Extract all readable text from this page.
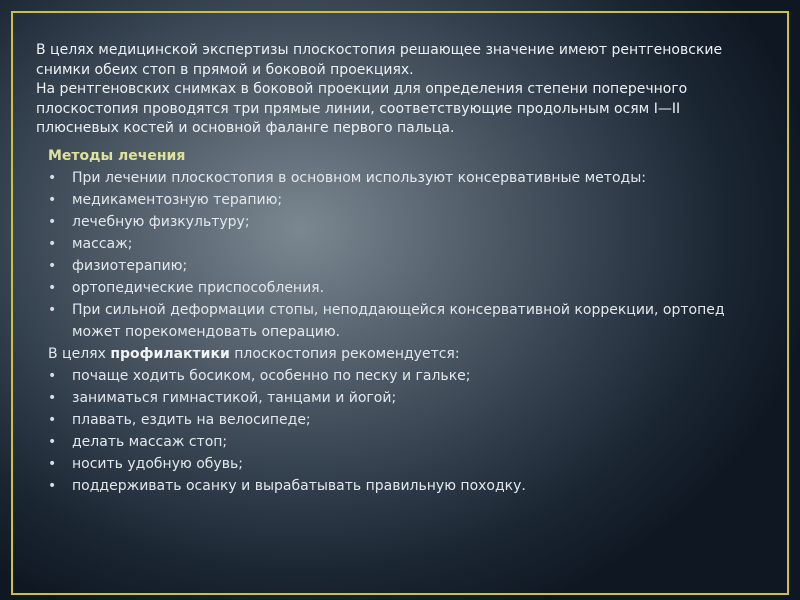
В целях медицинской экспертизы плоскостопия решающее значение имеют рентгеновские снимки обеих стоп в прямой и боковой проекциях.

На рентгеновских снимках в боковой проекции для определения степени поперечного плоскостопия проводятся три прямые линии, соответствующие продольным осям I—II плюсневых костей и основной фаланге первого пальца.

Методы лечения

•	При лечении плоскостопия в основном используют консервативные методы:
•	медикаментозную терапию;
•	лечебную физкультуру;
•	массаж;
•	физиотерапию;
•	ортопедические приспособления.
•	При сильной деформации стопы, неподдающейся консервативной коррекции, ортопед может порекомендовать операцию.

В целях профилактики плоскостопия рекомендуется:

•	почаще ходить босиком, особенно по песку и гальке;
•	заниматься гимнастикой, танцами и йогой;
•	плавать, ездить на велосипеде;
•	делать массаж стоп;
•	носить удобную обувь;
•	поддерживать осанку и вырабатывать правильную походку.
